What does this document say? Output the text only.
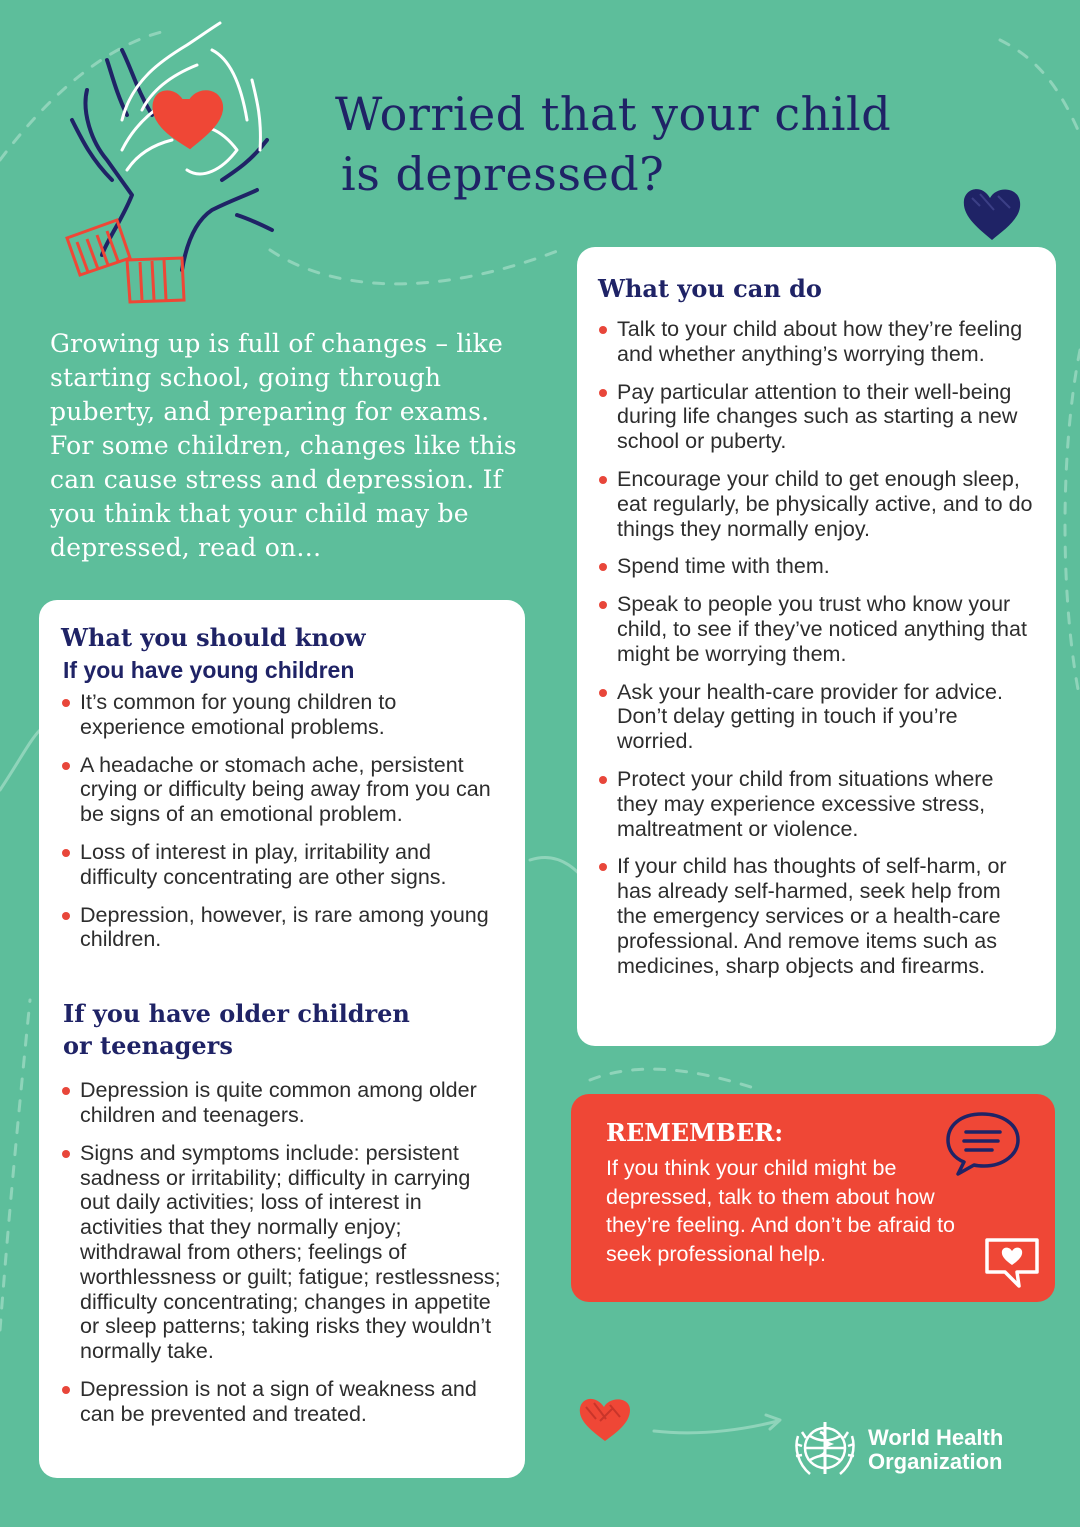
Worried that your child
is depressed?

Growing up is full of changes – like starting school, going through puberty, and preparing for exams. For some children, changes like this can cause stress and depression. If you think that your child may be depressed, read on…

What you should know
If you have young children
It’s common for young children to experience emotional problems.
A headache or stomach ache, persistent crying or difficulty being away from you can be signs of an emotional problem.
Loss of interest in play, irritability and difficulty concentrating are other signs.
Depression, however, is rare among young children.
If you have older children or teenagers
Depression is quite common among older children and teenagers.
Signs and symptoms include: persistent sadness or irritability; difficulty in carrying out daily activities; loss of interest in activities that they normally enjoy; withdrawal from others; feelings of worthlessness or guilt; fatigue; restlessness; difficulty concentrating; changes in appetite or sleep patterns; taking risks they wouldn’t normally take.
Depression is not a sign of weakness and can be prevented and treated.
What you can do
Talk to your child about how they’re feeling and whether anything’s worrying them.
Pay particular attention to their well-being during life changes such as starting a new school or puberty.
Encourage your child to get enough sleep, eat regularly, be physically active, and to do things they normally enjoy.
Spend time with them.
Speak to people you trust who know your child, to see if they’ve noticed anything that might be worrying them.
Ask your health-care provider for advice. Don’t delay getting in touch if you’re worried.
Protect your child from situations where they may experience excessive stress, maltreatment or violence.
If your child has thoughts of self-harm, or has already self-harmed, seek help from the emergency services or a health-care professional. And remove items such as medicines, sharp objects and firearms.

REMEMBER:

If you think your child might be depressed, talk to them about how they’re feeling. And don’t be afraid to seek professional help.

World Health
Organization
